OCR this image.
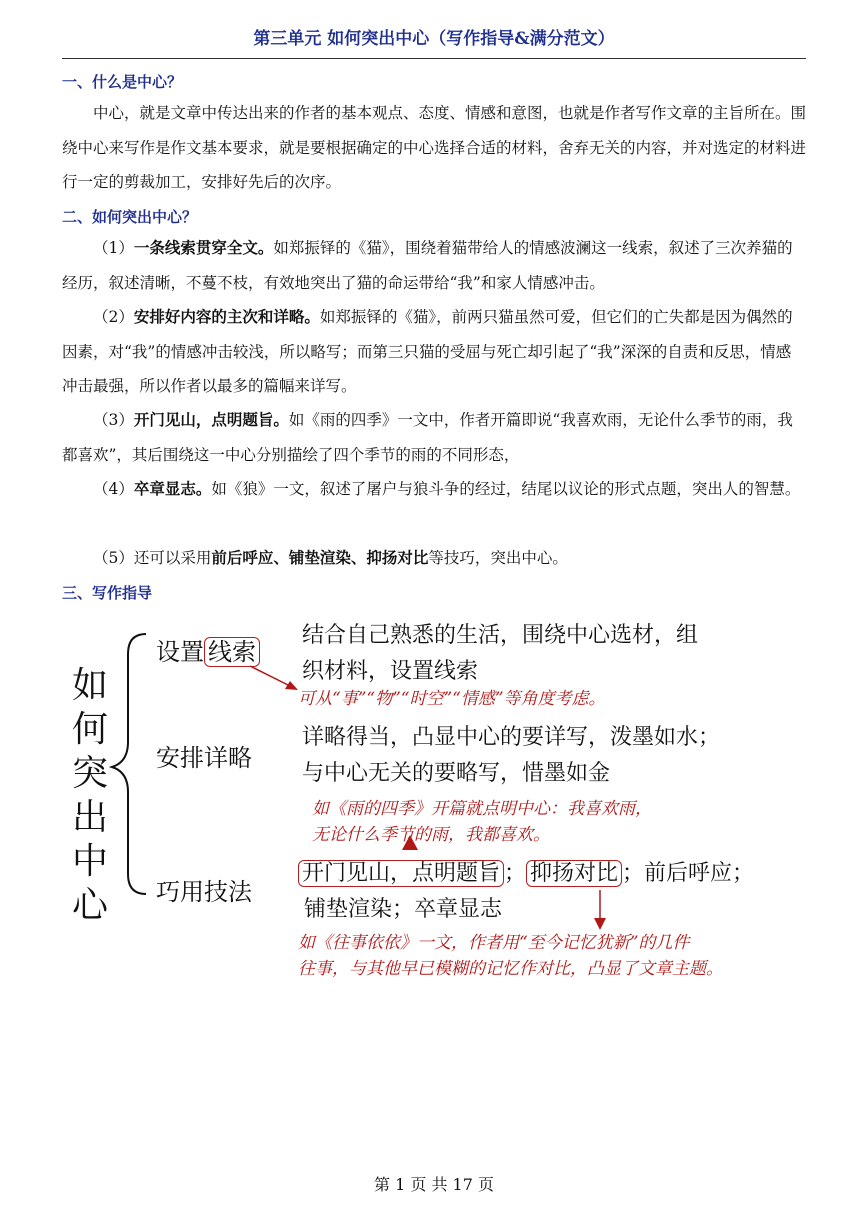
第三单元 如何突出中心（写作指导&满分范文）
一、什么是中心？

中心，就是文章中传达出来的作者的基本观点、态度、情感和意图，也就是作者写作文章的主旨所在。围绕中心来写作是作文基本要求，就是要根据确定的中心选择合适的材料，舍弃无关的内容，并对选定的材料进行一定的剪裁加工，安排好先后的次序。

二、如何突出中心？

（1）一条线索贯穿全文。如郑振铎的《猫》，围绕着猫带给人的情感波澜这一线索，叙述了三次养猫的经历，叙述清晰，不蔓不枝，有效地突出了猫的命运带给“我”和家人情感冲击。

（2）安排好内容的主次和详略。如郑振铎的《猫》，前两只猫虽然可爱，但它们的亡失都是因为偶然的因素，对“我”的情感冲击较浅，所以略写；而第三只猫的受屈与死亡却引起了“我”深深的自责和反思，情感冲击最强，所以作者以最多的篇幅来详写。

（3）开门见山，点明题旨。如《雨的四季》一文中，作者开篇即说“我喜欢雨，无论什么季节的雨，我都喜欢”，其后围绕这一中心分别描绘了四个季节的雨的不同形态，

（4）卒章显志。如《狼》一文，叙述了屠户与狼斗争的经过，结尾以议论的形式点题，突出人的智慧。

（5）还可以采用前后呼应、铺垫渲染、抑扬对比等技巧，突出中心。

三、写作指导
如
何
突
出
中
心
设置 线索
结合自己熟悉的生活，围绕中心选材，组
织材料，设置线索
可从“事”“物”“时空”“情感”等角度考虑。
安排详略
详略得当，凸显中心的要详写，泼墨如水；
与中心无关的要略写，惜墨如金
如《雨的四季》开篇就点明中心：我喜欢雨，
无论什么季节的雨，我都喜欢。
巧用技法
开门见山，点明题旨 ； 抑扬对比 ；前后呼应；
铺垫渲染；卒章显志
如《往事依依》一文，作者用“至今记忆犹新”的几件
往事，与其他早已模糊的记忆作对比，凸显了文章主题。
第 1 页 共 17 页
